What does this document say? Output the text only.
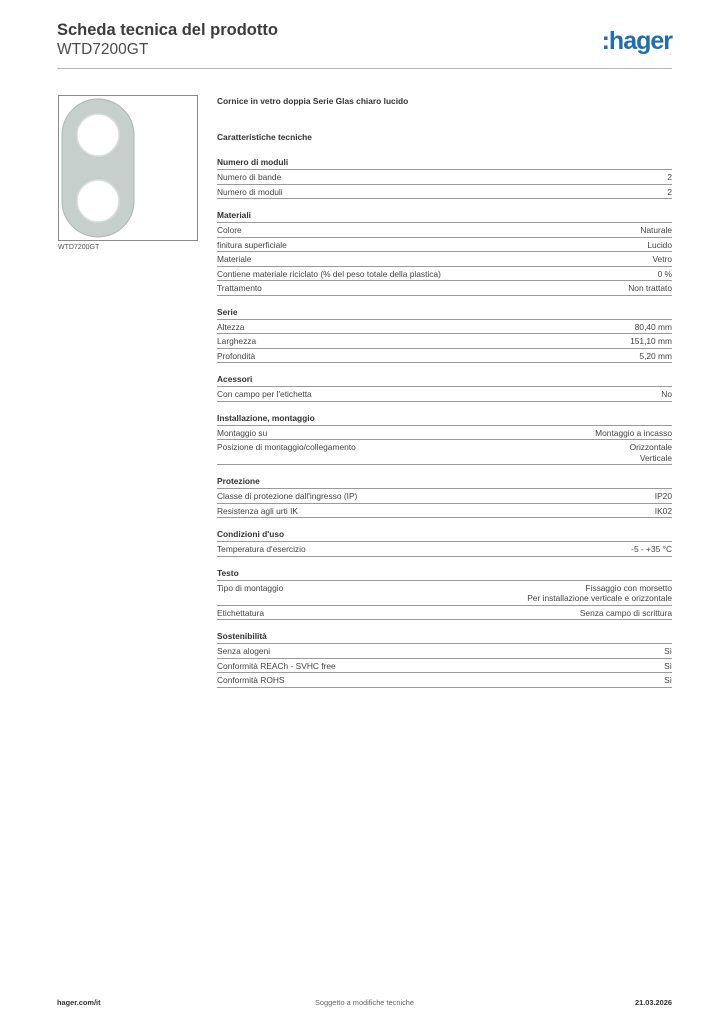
Scheda tecnica del prodotto
WTD7200GT	:hager
WTD7200GT
Cornice in vetro doppia Serie Glas chiaro lucido
Caratteristiche tecniche
Numero di moduli
Numero di bande	2
Numero di moduli	2
Materiali
Colore	Naturale
finitura superficiale	Lucido
Materiale	Vetro
Contiene materiale riciclato (% del peso totale della plastica)	0 %
Trattamento	Non trattato
Serie
Altezza	80,40 mm
Larghezza	151,10 mm
Profondità	5,20 mm
Acessori
Con campo per l'etichetta	No
Installazione, montaggio
Montaggio su	Montaggio a incasso
Posizione di montaggio/collegamento	Orizzontale
Verticale
Protezione
Classe di protezione dall'ingresso (IP)	IP20
Resistenza agli urti IK	IK02
Condizioni d'uso
Temperatura d'esercizio	-5 - +35 °C
Testo
Tipo di montaggio	Fissaggio con morsetto
Per installazione verticale e orizzontale
Etichettatura	Senza campo di scrittura
Sostenibilità
Senza alogeni	Sì
Conformità REACh - SVHC free	Sì
Conformità ROHS	Sì
Soggetto a modifiche tecniche
hager.com/it	21.03.2026
